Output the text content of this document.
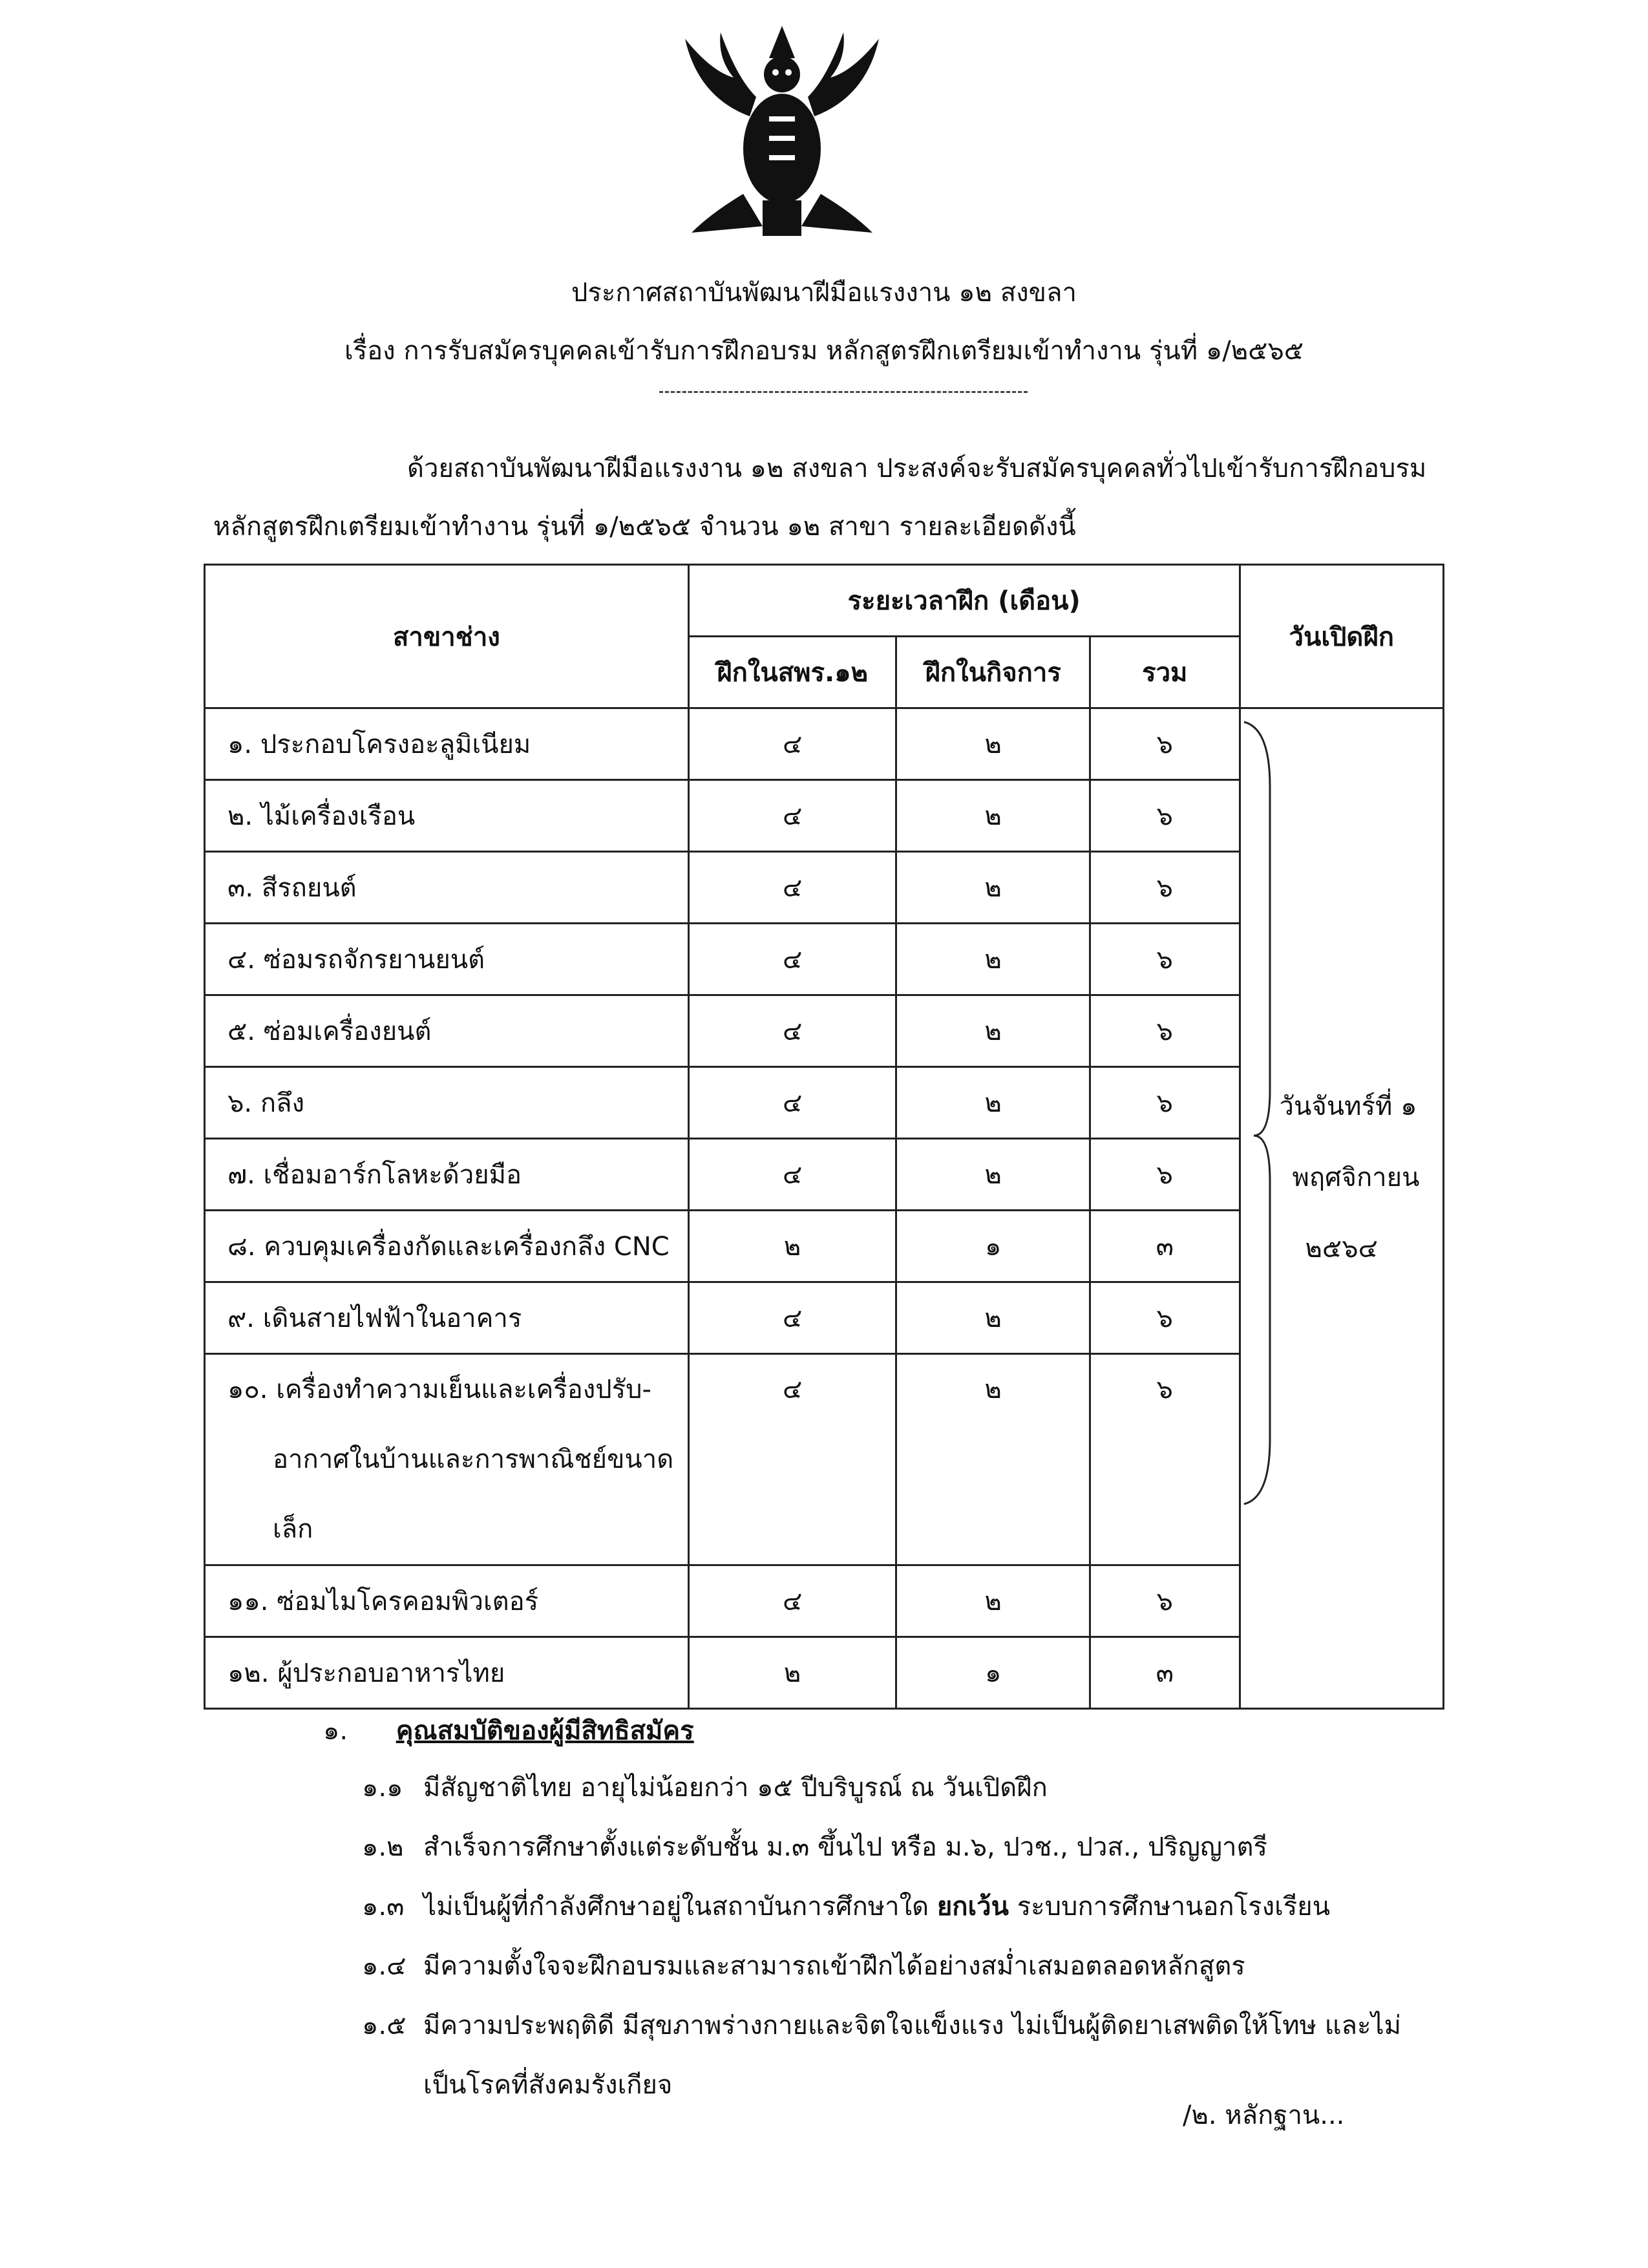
ประกาศสถาบันพัฒนาฝีมือแรงงาน ๑๒ สงขลา
เรื่อง การรับสมัครบุคคลเข้ารับการฝึกอบรม หลักสูตรฝึกเตรียมเข้าทำงาน รุ่นที่ ๑/๒๕๖๕
ด้วยสถาบันพัฒนาฝีมือแรงงาน ๑๒ สงขลา ประสงค์จะรับสมัครบุคคลทั่วไปเข้ารับการฝึกอบรม
หลักสูตรฝึกเตรียมเข้าทำงาน รุ่นที่ ๑/๒๕๖๕ จำนวน ๑๒ สาขา รายละเอียดดังนี้
สาขาช่าง	ระยะเวลาฝึก (เดือน)			วันเปิดฝึก
	ฝึกในสพร.๑๒	ฝึกในกิจการ	รวม	
๑. ประกอบโครงอะลูมิเนียม	๔	๒	๖	วันจันทร์ที่ ๑
พฤศจิกายน
๒๕๖๔

๒. ไม้เครื่องเรือน	๔	๒	๖	
๓. สีรถยนต์	๔	๒	๖	
๔. ซ่อมรถจักรยานยนต์	๔	๒	๖	
๕. ซ่อมเครื่องยนต์	๔	๒	๖	
๖. กลึง	๔	๒	๖	
๗. เชื่อมอาร์กโลหะด้วยมือ	๔	๒	๖	
๘. ควบคุมเครื่องกัดและเครื่องกลึง CNC	๒	๑	๓	
๙. เดินสายไฟฟ้าในอาคาร	๔	๒	๖	

๑๐. เครื่องทำความเย็นและเครื่องปรับ-
อากาศในบ้านและการพาณิชย์ขนาดเล็ก	๔	๒	๖	
๑๑. ซ่อมไมโครคอมพิวเตอร์	๔	๒	๖	
๑๒. ผู้ประกอบอาหารไทย	๒	๑	๓	
๑. คุณสมบัติของผู้มีสิทธิสมัคร
๑.๑ มีสัญชาติไทย อายุไม่น้อยกว่า ๑๕ ปีบริบูรณ์ ณ วันเปิดฝึก
๑.๒ สำเร็จการศึกษาตั้งแต่ระดับชั้น ม.๓ ขึ้นไป หรือ ม.๖, ปวช., ปวส., ปริญญาตรี
๑.๓ ไม่เป็นผู้ที่กำลังศึกษาอยู่ในสถาบันการศึกษาใด ยกเว้น ระบบการศึกษานอกโรงเรียน
๑.๔ มีความตั้งใจจะฝึกอบรมและสามารถเข้าฝึกได้อย่างสม่ำเสมอตลอดหลักสูตร
๑.๕ มีความประพฤติดี มีสุขภาพร่างกายและจิตใจแข็งแรง ไม่เป็นผู้ติดยาเสพติดให้โทษ และไม่
เป็นโรคที่สังคมรังเกียจ
/๒. หลักฐาน...
